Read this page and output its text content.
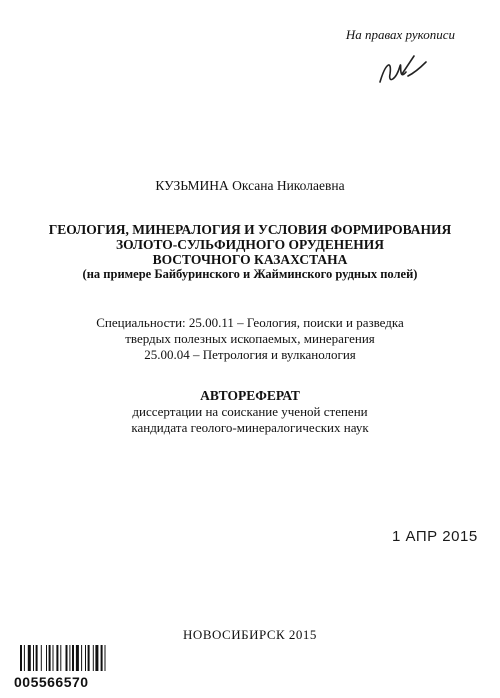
На правах рукописи
КУЗЬМИНА Оксана Николаевна
ГЕОЛОГИЯ, МИНЕРАЛОГИЯ И УСЛОВИЯ ФОРМИРОВАНИЯ
ЗОЛОТО-СУЛЬФИДНОГО ОРУДЕНЕНИЯ
ВОСТОЧНОГО КАЗАХСТАНА
(на примере Байбуринского и Жайминского рудных полей)
Специальности: 25.00.11 – Геология, поиски и разведка
твердых полезных ископаемых, минерагения
25.00.04 – Петрология и вулканология
АВТОРЕФЕРАТ
диссертации на соискание ученой степени
кандидата геолого-минералогических наук
1 АПР 2015
НОВОСИБИРСК 2015
005566570
